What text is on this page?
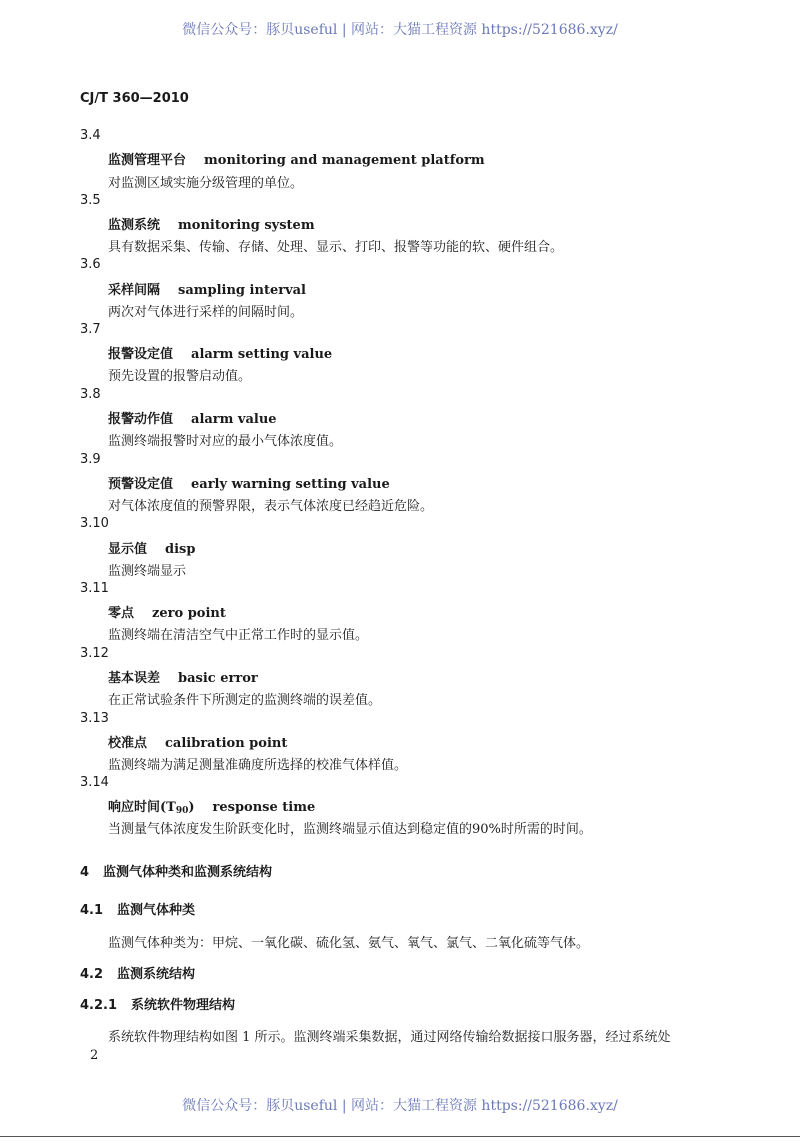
微信公众号：豚贝useful | 网站：大猫工程资源 https://521686.xyz/
CJ/T 360—2010
3.4
监测管理平台 monitoring and management platform
对监测区域实施分级管理的单位。
3.5
监测系统 monitoring system
具有数据采集、传输、存储、处理、显示、打印、报警等功能的软、硬件组合。
3.6
采样间隔 sampling interval
两次对气体进行采样的间隔时间。
3.7
报警设定值 alarm setting value
预先设置的报警启动值。
3.8
报警动作值 alarm value
监测终端报警时对应的最小气体浓度值。
3.9
预警设定值 early warning setting value
对气体浓度值的预警界限，表示气体浓度已经趋近危险。
3.10
显示值 disp
监测终端显示
3.11
零点 zero point
监测终端在清洁空气中正常工作时的显示值。
3.12
基本误差 basic error
在正常试验条件下所测定的监测终端的误差值。
3.13
校准点 calibration point
监测终端为满足测量准确度所选择的校准气体样值。
3.14
响应时间$(T_{90})$ response time
当测量气体浓度发生阶跃变化时，监测终端显示值达到稳定值的90%时所需的时间。
4 监测气体种类和监测系统结构
4.1 监测气体种类
监测气体种类为：甲烷、一氧化碳、硫化氢、氨气、氧气、氯气、二氧化硫等气体。
4.2 监测系统结构
4.2.1 系统软件物理结构
系统软件物理结构如图 1 所示。监测终端采集数据，通过网络传输给数据接口服务器，经过系统处
2
微信公众号：豚贝useful | 网站：大猫工程资源 https://521686.xyz/
